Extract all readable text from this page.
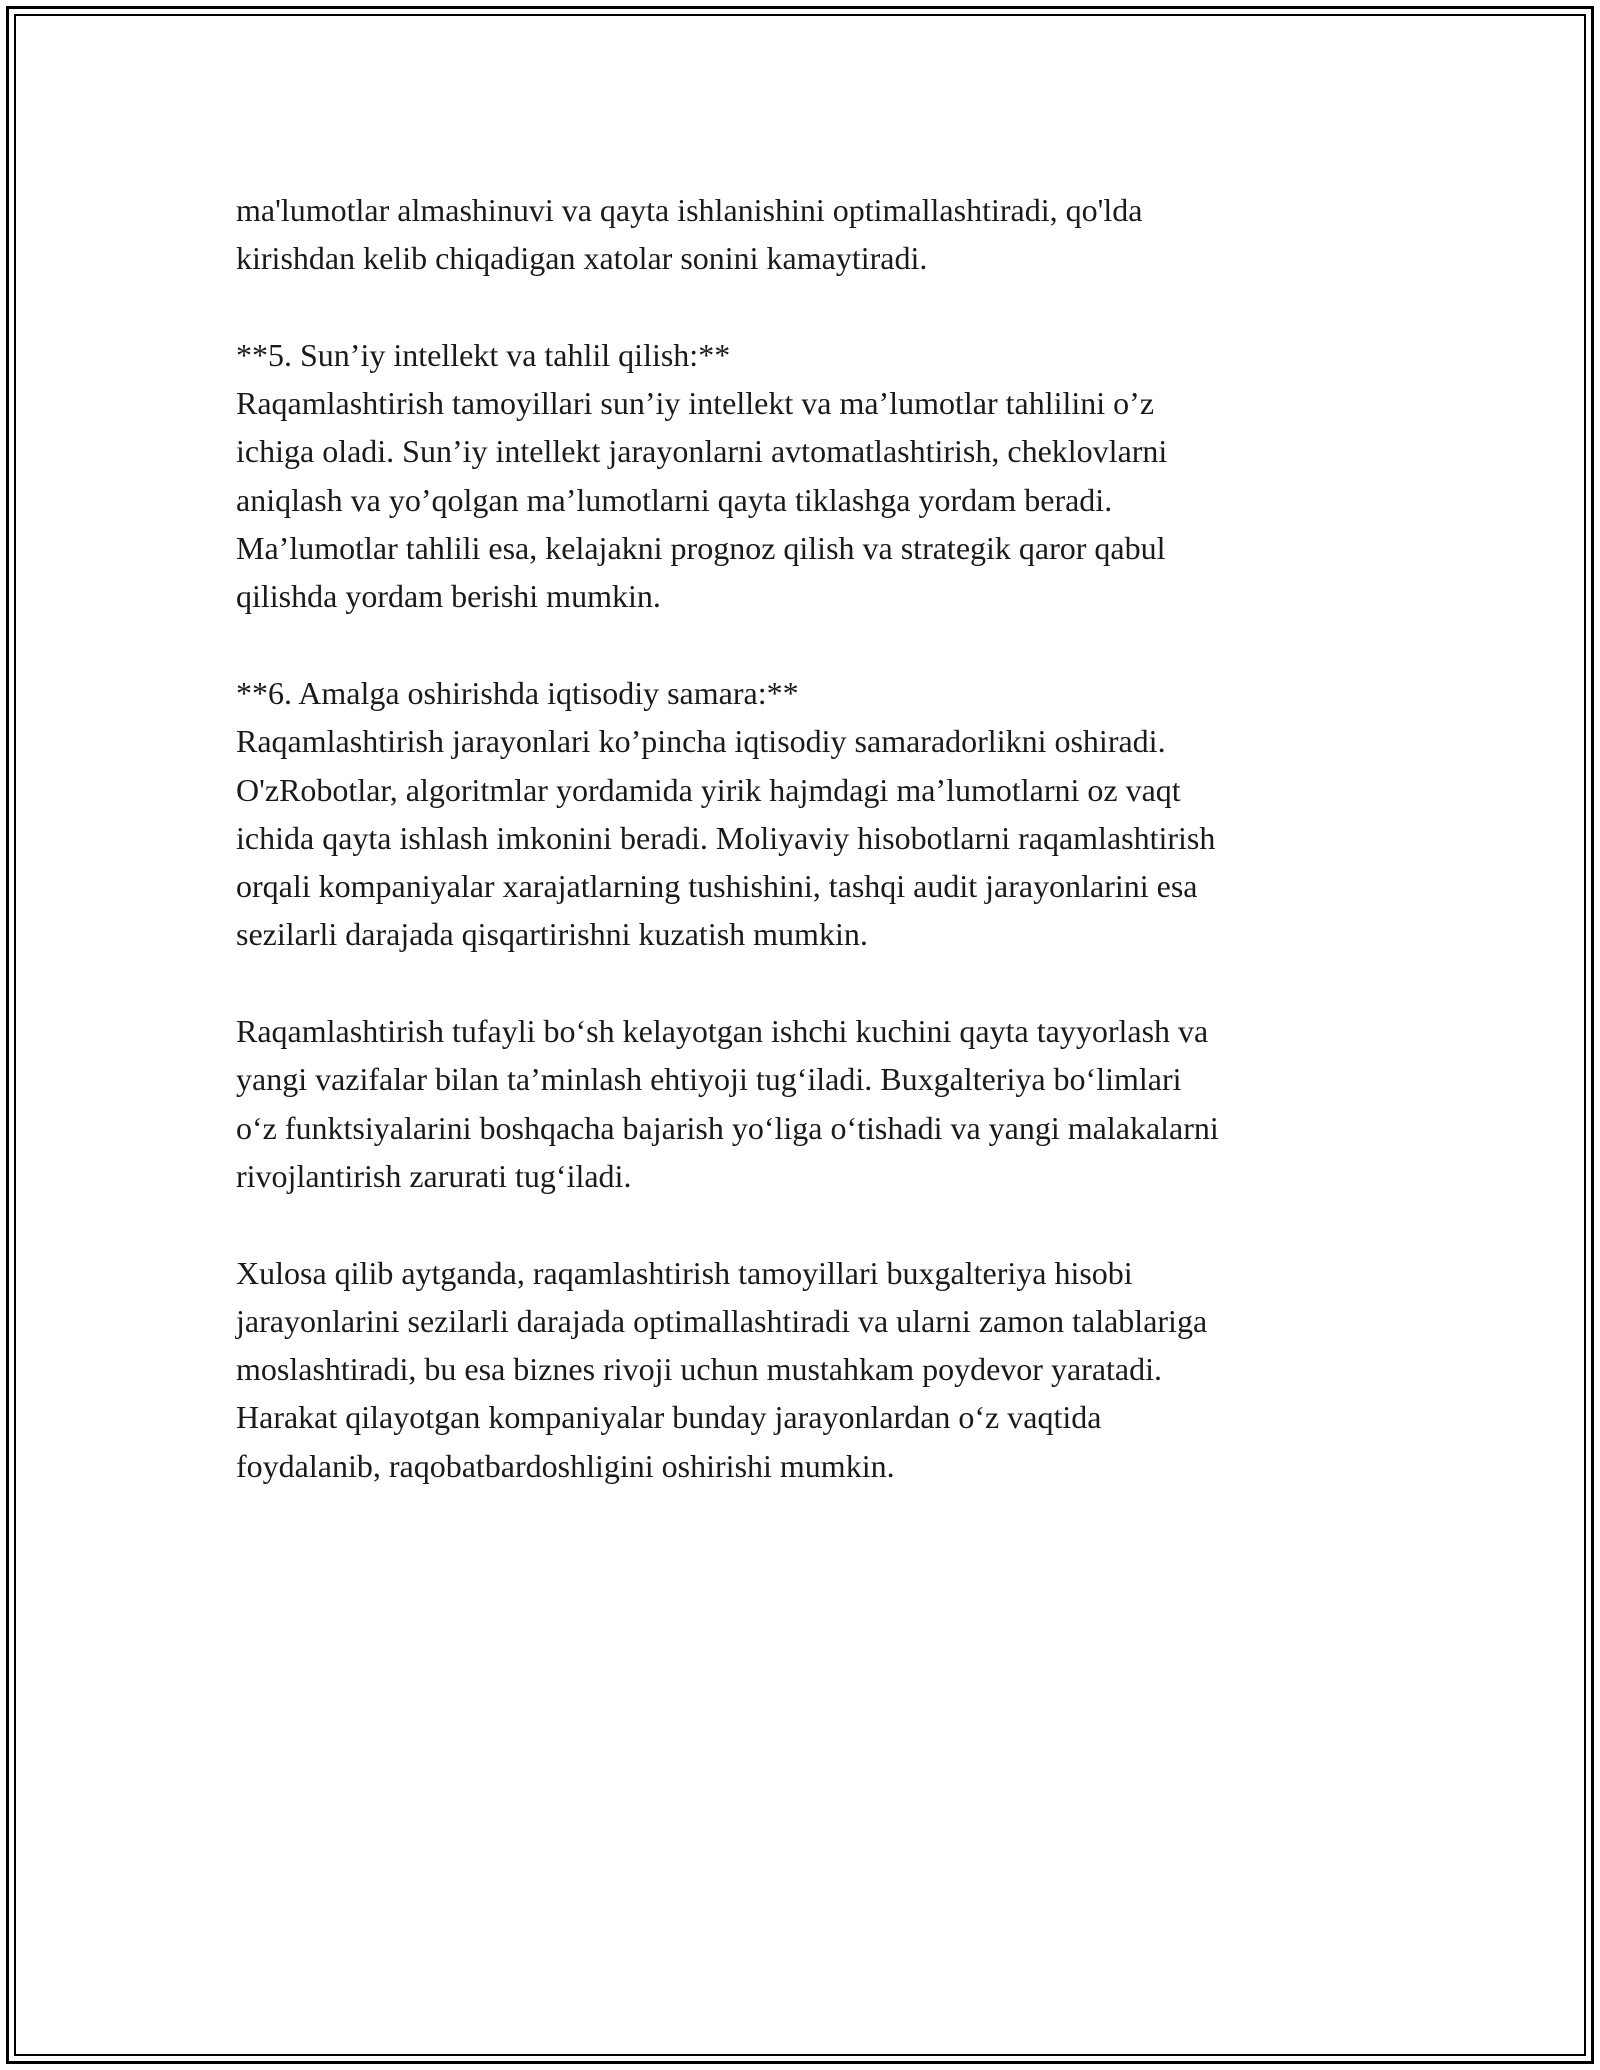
ma'lumotlar almashinuvi va qayta ishlanishini optimallashtiradi, qo'lda
kirishdan kelib chiqadigan xatolar sonini kamaytiradi.
**5. Sun’iy intellekt va tahlil qilish:**
Raqamlashtirish tamoyillari sun’iy intellekt va ma’lumotlar tahlilini o’z
ichiga oladi. Sun’iy intellekt jarayonlarni avtomatlashtirish, cheklovlarni
aniqlash va yo’qolgan ma’lumotlarni qayta tiklashga yordam beradi.
Ma’lumotlar tahlili esa, kelajakni prognoz qilish va strategik qaror qabul
qilishda yordam berishi mumkin.
**6. Amalga oshirishda iqtisodiy samara:**
Raqamlashtirish jarayonlari ko’pincha iqtisodiy samaradorlikni oshiradi.
O'zRobotlar, algoritmlar yordamida yirik hajmdagi ma’lumotlarni oz vaqt
ichida qayta ishlash imkonini beradi. Moliyaviy hisobotlarni raqamlashtirish
orqali kompaniyalar xarajatlarning tushishini, tashqi audit jarayonlarini esa
sezilarli darajada qisqartirishni kuzatish mumkin.
Raqamlashtirish tufayli bo‘sh kelayotgan ishchi kuchini qayta tayyorlash va
yangi vazifalar bilan ta’minlash ehtiyoji tug‘iladi. Buxgalteriya bo‘limlari
o‘z funktsiyalarini boshqacha bajarish yo‘liga o‘tishadi va yangi malakalarni
rivojlantirish zarurati tug‘iladi.
Xulosa qilib aytganda, raqamlashtirish tamoyillari buxgalteriya hisobi
jarayonlarini sezilarli darajada optimallashtiradi va ularni zamon talablariga
moslashtiradi, bu esa biznes rivoji uchun mustahkam poydevor yaratadi.
Harakat qilayotgan kompaniyalar bunday jarayonlardan o‘z vaqtida
foydalanib, raqobatbardoshligini oshirishi mumkin.
